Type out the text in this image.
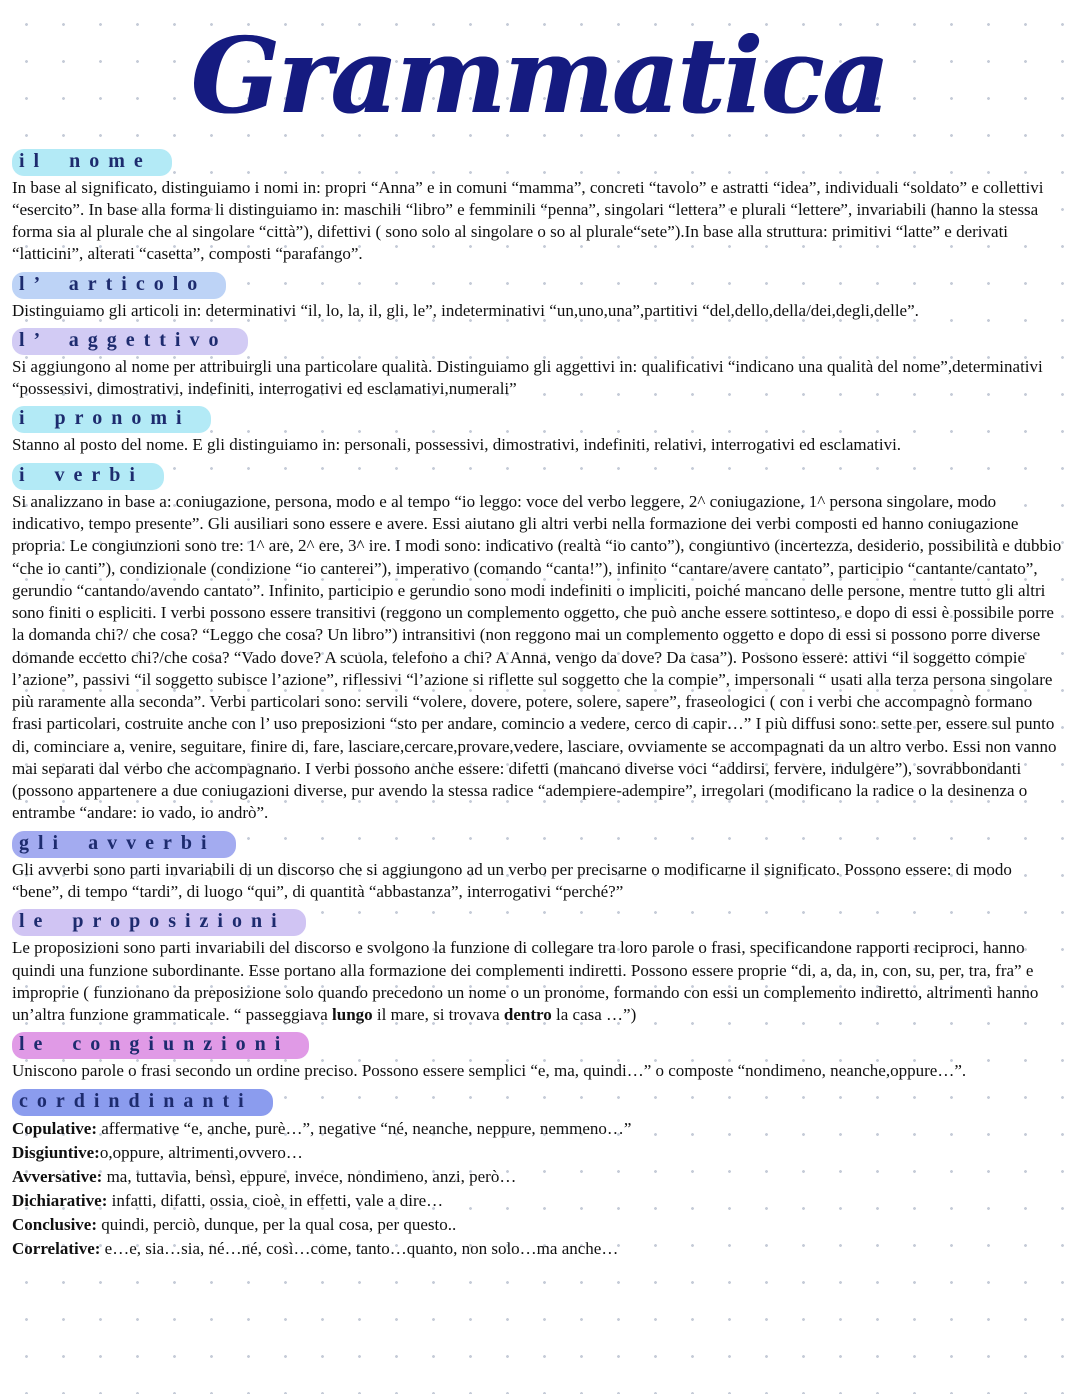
Grammatica
il nome

In base al significato, distinguiamo i nomi in: propri “Anna” e in comuni “mamma”, concreti “tavolo” e astratti “idea”, individuali “soldato” e collettivi “esercito”. In base alla forma li distinguiamo in: maschili “libro” e femminili “penna”, singolari “lettera” e plurali “lettere”, invariabili (hanno la stessa forma sia al plurale che al singolare “città”), difettivi ( sono solo al singolare o so al plurale“sete”).In base alla struttura: primitivi “latte” e derivati “latticini”, alterati “casetta”, composti “parafango”.

l’ articolo

Distinguiamo gli articoli in: determinativi “il, lo, la, il, gli, le”, indeterminativi “un,uno,una”,partitivi “del,dello,della/dei,degli,delle”.

l’ aggettivo

Si aggiungono al nome per attribuirgli una particolare qualità. Distinguiamo gli aggettivi in: qualificativi “indicano una qualità del nome”,determinativi “possessivi, dimostrativi, indefiniti, interrogativi ed esclamativi,numerali”

i pronomi

Stanno al posto del nome. E gli distinguiamo in: personali, possessivi, dimostrativi, indefiniti, relativi, interrogativi ed esclamativi.

i verbi

Si analizzano in base a: coniugazione, persona, modo e al tempo “io leggo: voce del verbo leggere, 2^ coniugazione, 1^ persona singolare, modo indicativo, tempo presente”. Gli ausiliari sono essere e avere. Essi aiutano gli altri verbi nella formazione dei verbi composti ed hanno coniugazione propria. Le congiunzioni sono tre: 1^ are, 2^ ere, 3^ ire. I modi sono: indicativo (realtà “io canto”), congiuntivo (incertezza, desiderio, possibilità e dubbio “che io canti”), condizionale (condizione “io canterei”), imperativo (comando “canta!”), infinito “cantare/avere cantato”, participio “cantante/cantato”, gerundio “cantando/avendo cantato”. Infinito, participio e gerundio sono modi indefiniti o impliciti, poiché mancano delle persone, mentre tutto gli altri sono finiti o espliciti. I verbi possono essere transitivi (reggono un complemento oggetto, che può anche essere sottinteso, e dopo di essi è possibile porre la domanda chi?/ che cosa? “Leggo che cosa? Un libro”) intransitivi (non reggono mai un complemento oggetto e dopo di essi si possono porre diverse domande eccetto chi?/che cosa? “Vado dove? A scuola, telefono a chi? A Anna, vengo da dove? Da casa”). Possono essere: attivi “il soggetto compie l’azione”, passivi “il soggetto subisce l’azione”, riflessivi “l’azione si riflette sul soggetto che la compie”, impersonali “ usati alla terza persona singolare più raramente alla seconda”. Verbi particolari sono: servili “volere, dovere, potere, solere, sapere”, fraseologici ( con i verbi che accompagnò formano frasi particolari, costruite anche con l’ uso preposizioni “sto per andare, comincio a vedere, cerco di capir…” I più diffusi sono: sette per, essere sul punto di, cominciare a, venire, seguitare, finire di, fare, lasciare,cercare,provare,vedere, lasciare, ovviamente se accompagnati da un altro verbo. Essi non vanno mai separati dal verbo che accompagnano. I verbi possono anche essere: difetti (mancano diverse voci “addirsi, fervere, indulgere”), sovrabbondanti (possono appartenere a due coniugazioni diverse, pur avendo la stessa radice “adempiere-adempire”, irregolari (modificano la radice o la desinenza o entrambe “andare: io vado, io andrò”.

gli avverbi

Gli avverbi sono parti invariabili di un discorso che si aggiungono ad un verbo per precisarne o modificarne il significato. Possono essere: di modo “bene”, di tempo “tardi”, di luogo “qui”, di quantità “abbastanza”, interrogativi “perché?”

le proposizioni

Le proposizioni sono parti invariabili del discorso e svolgono la funzione di collegare tra loro parole o frasi, specificandone rapporti reciproci, hanno quindi una funzione subordinante. Esse portano alla formazione dei complementi indiretti. Possono essere proprie “di, a, da, in, con, su, per, tra, fra” e improprie ( funzionano da preposizione solo quando precedono un nome o un pronome, formando con essi un complemento indiretto, altrimenti hanno un’altra funzione grammaticale. “ passeggiava lungo il mare, si trovava dentro la casa …”)

le congiunzioni

Uniscono parole o frasi secondo un ordine preciso. Possono essere semplici “e, ma, quindi…” o composte “nondimeno, neanche,oppure…”.

cordindinanti
Copulative: affermative “e, anche, purè…”, negative “né, neanche, neppure, nemmeno…”
Disgiuntive:o,oppure, altrimenti,ovvero…
Avversative: ma, tuttavia, bensì, eppure, invece, nondimeno, anzi, però…
Dichiarative: infatti, difatti, ossia, cioè, in effetti, vale a dire…
Conclusive: quindi, perciò, dunque, per la qual cosa, per questo..
Correlative: e…e, sia…sia, né…né, così…come, tanto…quanto, non solo…ma anche…
